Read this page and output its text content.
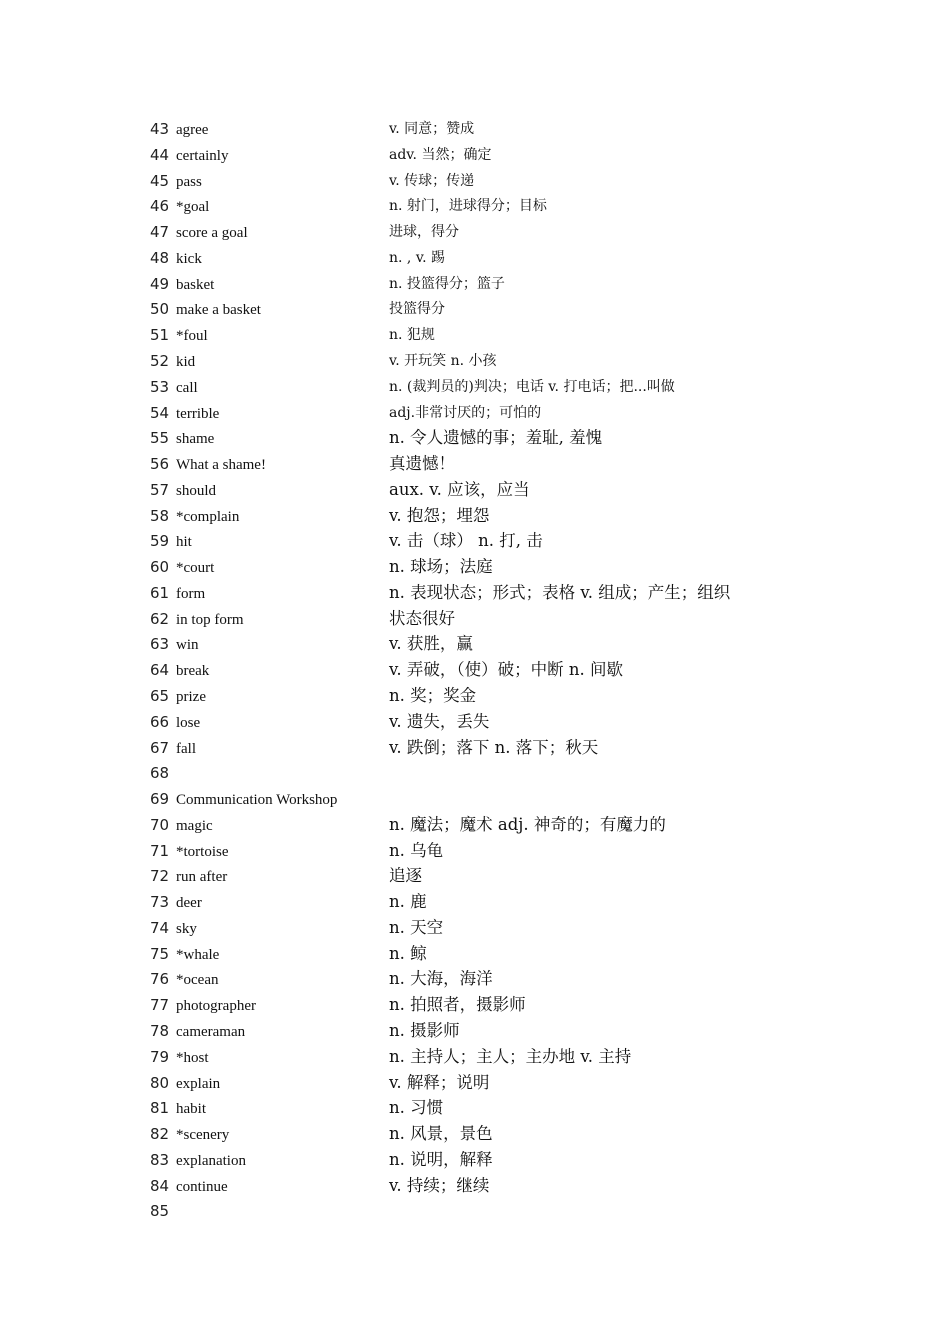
43 agree	v. 同意；赞成
44 certainly	adv. 当然；确定
45 pass	v. 传球；传递
46 *goal	n. 射门，进球得分；目标
47 score a goal	进球，得分
48 kick	n. , v. 踢
49 basket	n. 投篮得分；篮子
50 make a basket	投篮得分
51 *foul	n. 犯规
52 kid	v. 开玩笑 n. 小孩
53 call	n. (裁判员的)判决；电话 v. 打电话；把...叫做
54 terrible	adj.非常讨厌的；可怕的
55 shame	n. 令人遗憾的事；羞耻, 羞愧
56 What a shame!	真遗憾！
57 should	aux. v. 应该，应当
58 *complain	v. 抱怨；埋怨
59 hit	v. 击（球） n. 打, 击
60 *court	n. 球场；法庭
61 form	n. 表现状态；形式；表格 v. 组成；产生；组织
62 in top form	状态很好
63 win	v. 获胜，赢
64 break	v. 弄破，（使）破；中断 n. 间歇
65 prize	n. 奖；奖金
66 lose	v. 遗失，丢失
67 fall	v. 跌倒；落下 n. 落下；秋天
68
69 Communication Workshop
70 magic	n. 魔法；魔术 adj. 神奇的；有魔力的
71 *tortoise	n. 乌龟
72 run after	追逐
73 deer	n. 鹿
74 sky	n. 天空
75 *whale	n. 鲸
76 *ocean	n. 大海，海洋
77 photographer	n. 拍照者，摄影师
78 cameraman	n. 摄影师
79 *host	n. 主持人；主人；主办地 v. 主持
80 explain	v. 解释；说明
81 habit	n. 习惯
82 *scenery	n. 风景，景色
83 explanation	n. 说明，解释
84 continue	v. 持续；继续
85
